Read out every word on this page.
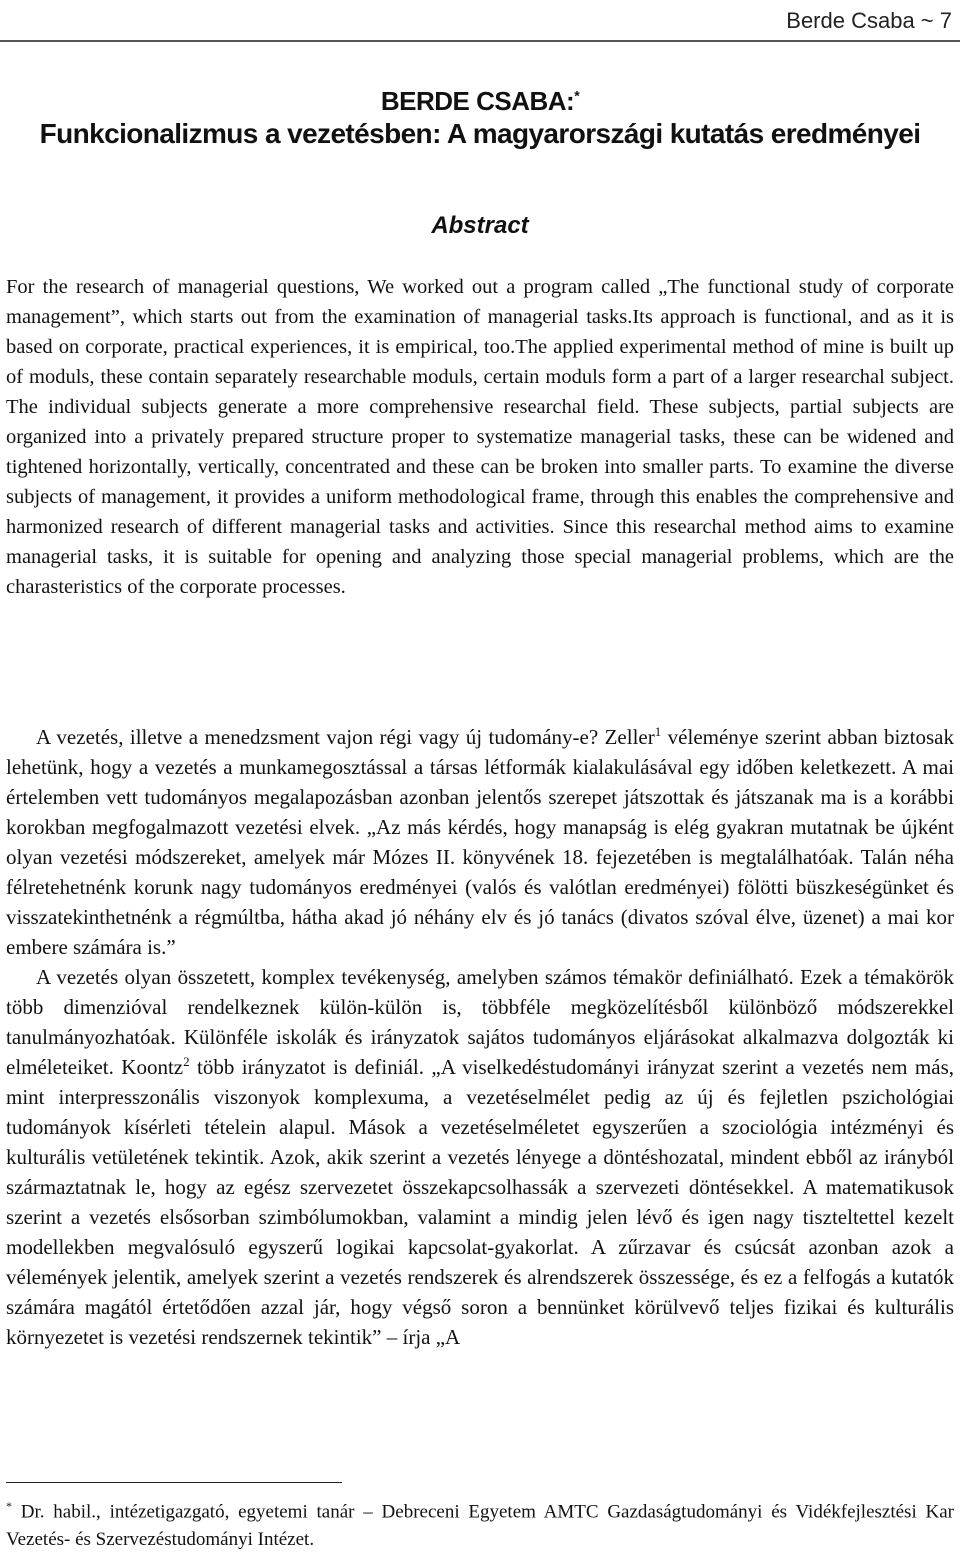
Berde Csaba ~ 7
BERDE CSABA:*
Funkcionalizmus a vezetésben: A magyarországi kutatás eredményei
Abstract
For the research of managerial questions, We worked out a program called „The functional study of corporate management”, which starts out from the examination of managerial tasks.Its approach is functional, and as it is based on corporate, practical experiences, it is empirical, too.The applied experimental method of mine is built up of moduls, these contain separately researchable moduls, certain moduls form a part of a larger researchal subject. The individual subjects generate a more comprehensive researchal field. These subjects, partial subjects are organized into a privately prepared structure proper to systematize managerial tasks, these can be widened and tightened horizontally, vertically, concentrated and these can be broken into smaller parts. To examine the diverse subjects of management, it provides a uniform methodological frame, through this enables the comprehensive and harmonized research of different managerial tasks and activities. Since this researchal method aims to examine managerial tasks, it is suitable for opening and analyzing those special managerial problems, which are the charasteristics of the corporate processes.

A vezetés, illetve a menedzsment vajon régi vagy új tudomány-e? Zeller$^1$ véleménye szerint abban biztosak lehetünk, hogy a vezetés a munkamegosztással a társas létformák kialakulásával egy időben keletkezett. A mai értelemben vett tudományos megalapozásban azonban jelentős szerepet játszottak és játszanak ma is a korábbi korokban megfogalmazott vezetési elvek. „Az más kérdés, hogy manapság is elég gyakran mutatnak be újként olyan vezetési módszereket, amelyek már Mózes II. könyvének 18. fejezetében is megtalálhatóak. Talán néha félretehetnénk korunk nagy tudományos eredményei (valós és valótlan eredményei) fölötti büszkeségünket és visszatekinthetnénk a régmúltba, hátha akad jó néhány elv és jó tanács (divatos szóval élve, üzenet) a mai kor embere számára is.”

A vezetés olyan összetett, komplex tevékenység, amelyben számos témakör definiálható. Ezek a témakörök több dimenzióval rendelkeznek külön-külön is, többféle megközelítésből különböző módszerekkel tanulmányozhatóak. Különféle iskolák és irányzatok sajátos tudományos eljárásokat alkalmazva dolgozták ki elméleteiket. Koontz$^2$ több irányzatot is definiál. „A viselkedéstudományi irányzat szerint a vezetés nem más, mint interpresszonális viszonyok komplexuma, a vezetéselmélet pedig az új és fejletlen pszichológiai tudományok kísérleti tételein alapul. Mások a vezetéselméletet egyszerűen a szociológia intézményi és kulturális vetületének tekintik. Azok, akik szerint a vezetés lényege a döntéshozatal, mindent ebből az irányból származtatnak le, hogy az egész szervezetet összekapcsolhassák a szervezeti döntésekkel. A matematikusok szerint a vezetés elsősorban szimbólumokban, valamint a mindig jelen lévő és igen nagy tiszteltettel kezelt modellekben megvalósuló egyszerű logikai kapcsolat-gyakorlat. A zűrzavar és csúcsát azonban azok a vélemények jelentik, amelyek szerint a vezetés rendszerek és alrendszerek összessége, és ez a felfogás a kutatók számára magától értetődően azzal jár, hogy végső soron a bennünket körülvevő teljes fizikai és kulturális környezetet is vezetési rendszernek tekintik” – írja „A

* Dr. habil., intézetigazgató, egyetemi tanár – Debreceni Egyetem AMTC Gazdaságtudományi és Vidékfejlesztési Kar Vezetés- és Szervezéstudományi Intézet.
